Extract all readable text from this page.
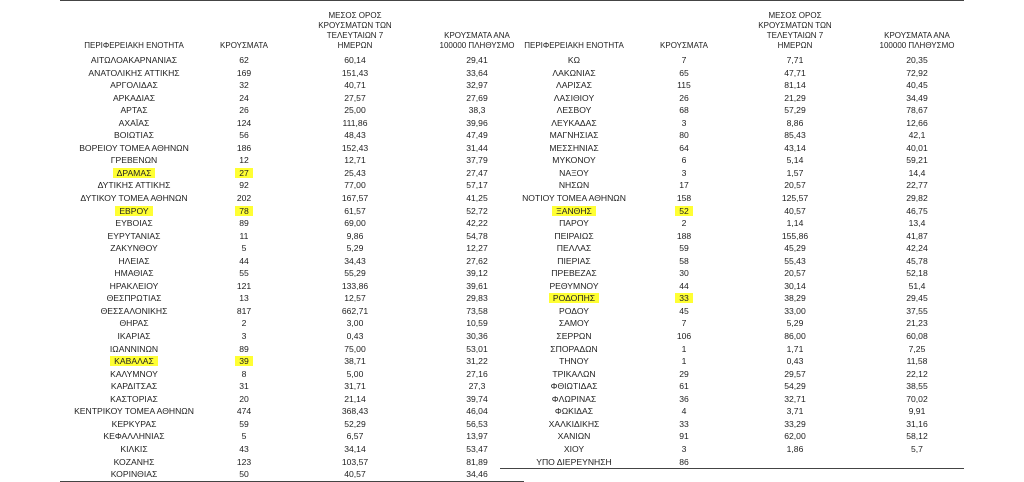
ΠΕΡΙΦΕΡΕΙΑΚΗ ΕΝΟΤΗΤΑ	ΚΡΟΥΣΜΑΤΑ	ΜΕΣΟΣ ΟΡΟΣ ΚΡΟΥΣΜΑΤΩΝ ΤΩΝ ΤΕΛΕΥΤΑΙΩΝ 7 ΗΜΕΡΩΝ	ΚΡΟΥΣΜΑΤΑ ΑΝΑ 100000 ΠΛΗΘΥΣΜΟ
ΑΙΤΩΛΟΑΚΑΡΝΑΝΙΑΣ	62	60,14	29,41
ΑΝΑΤΟΛΙΚΗΣ ΑΤΤΙΚΗΣ	169	151,43	33,64
ΑΡΓΟΛΙΔΑΣ	32	40,71	32,97
ΑΡΚΑΔΙΑΣ	24	27,57	27,69
ΑΡΤΑΣ	26	25,00	38,3
ΑΧΑΪΑΣ	124	111,86	39,96
ΒΟΙΩΤΙΑΣ	56	48,43	47,49
ΒΟΡΕΙΟΥ ΤΟΜΕΑ ΑΘΗΝΩΝ	186	152,43	31,44
ΓΡΕΒΕΝΩΝ	12	12,71	37,79
ΔΡΑΜΑΣ	27	25,43	27,47
ΔΥΤΙΚΗΣ ΑΤΤΙΚΗΣ	92	77,00	57,17
ΔΥΤΙΚΟΥ ΤΟΜΕΑ ΑΘΗΝΩΝ	202	167,57	41,25
ΕΒΡΟΥ	78	61,57	52,72
ΕΥΒΟΙΑΣ	89	69,00	42,22
ΕΥΡΥΤΑΝΙΑΣ	11	9,86	54,78
ΖΑΚΥΝΘΟΥ	5	5,29	12,27
ΗΛΕΙΑΣ	44	34,43	27,62
ΗΜΑΘΙΑΣ	55	55,29	39,12
ΗΡΑΚΛΕΙΟΥ	121	133,86	39,61
ΘΕΣΠΡΩΤΙΑΣ	13	12,57	29,83
ΘΕΣΣΑΛΟΝΙΚΗΣ	817	662,71	73,58
ΘΗΡΑΣ	2	3,00	10,59
ΙΚΑΡΙΑΣ	3	0,43	30,36
ΙΩΑΝΝΙΝΩΝ	89	75,00	53,01
ΚΑΒΑΛΑΣ	39	38,71	31,22
ΚΑΛΥΜΝΟΥ	8	5,00	27,16
ΚΑΡΔΙΤΣΑΣ	31	31,71	27,3
ΚΑΣΤΟΡΙΑΣ	20	21,14	39,74
ΚΕΝΤΡΙΚΟΥ ΤΟΜΕΑ ΑΘΗΝΩΝ	474	368,43	46,04
ΚΕΡΚΥΡΑΣ	59	52,29	56,53
ΚΕΦΑΛΛΗΝΙΑΣ	5	6,57	13,97
ΚΙΛΚΙΣ	43	34,14	53,47
ΚΟΖΑΝΗΣ	123	103,57	81,89
ΚΟΡΙΝΘΙΑΣ	50	40,57	34,46

ΠΕΡΙΦΕΡΕΙΑΚΗ ΕΝΟΤΗΤΑ	ΚΡΟΥΣΜΑΤΑ	ΜΕΣΟΣ ΟΡΟΣ ΚΡΟΥΣΜΑΤΩΝ ΤΩΝ ΤΕΛΕΥΤΑΙΩΝ 7 ΗΜΕΡΩΝ	ΚΡΟΥΣΜΑΤΑ ΑΝΑ 100000 ΠΛΗΘΥΣΜΟ
ΚΩ	7	7,71	20,35
ΛΑΚΩΝΙΑΣ	65	47,71	72,92
ΛΑΡΙΣΑΣ	115	81,14	40,45
ΛΑΣΙΘΙΟΥ	26	21,29	34,49
ΛΕΣΒΟΥ	68	57,29	78,67
ΛΕΥΚΑΔΑΣ	3	8,86	12,66
ΜΑΓΝΗΣΙΑΣ	80	85,43	42,1
ΜΕΣΣΗΝΙΑΣ	64	43,14	40,01
ΜΥΚΟΝΟΥ	6	5,14	59,21
ΝΑΞΟΥ	3	1,57	14,4
ΝΗΣΩΝ	17	20,57	22,77
ΝΟΤΙΟΥ ΤΟΜΕΑ ΑΘΗΝΩΝ	158	125,57	29,82
ΞΑΝΘΗΣ	52	40,57	46,75
ΠΑΡΟΥ	2	1,14	13,4
ΠΕΙΡΑΙΩΣ	188	155,86	41,87
ΠΕΛΛΑΣ	59	45,29	42,24
ΠΙΕΡΙΑΣ	58	55,43	45,78
ΠΡΕΒΕΖΑΣ	30	20,57	52,18
ΡΕΘΥΜΝΟΥ	44	30,14	51,4
ΡΟΔΟΠΗΣ	33	38,29	29,45
ΡΟΔΟΥ	45	33,00	37,55
ΣΑΜΟΥ	7	5,29	21,23
ΣΕΡΡΩΝ	106	86,00	60,08
ΣΠΟΡΑΔΩΝ	1	1,71	7,25
ΤΗΝΟΥ	1	0,43	11,58
ΤΡΙΚΑΛΩΝ	29	29,57	22,12
ΦΘΙΩΤΙΔΑΣ	61	54,29	38,55
ΦΛΩΡΙΝΑΣ	36	32,71	70,02
ΦΩΚΙΔΑΣ	4	3,71	9,91
ΧΑΛΚΙΔΙΚΗΣ	33	33,29	31,16
ΧΑΝΙΩΝ	91	62,00	58,12
ΧΙΟΥ	3	1,86	5,7
ΥΠΟ ΔΙΕΡΕΥΝΗΣΗ	86		
